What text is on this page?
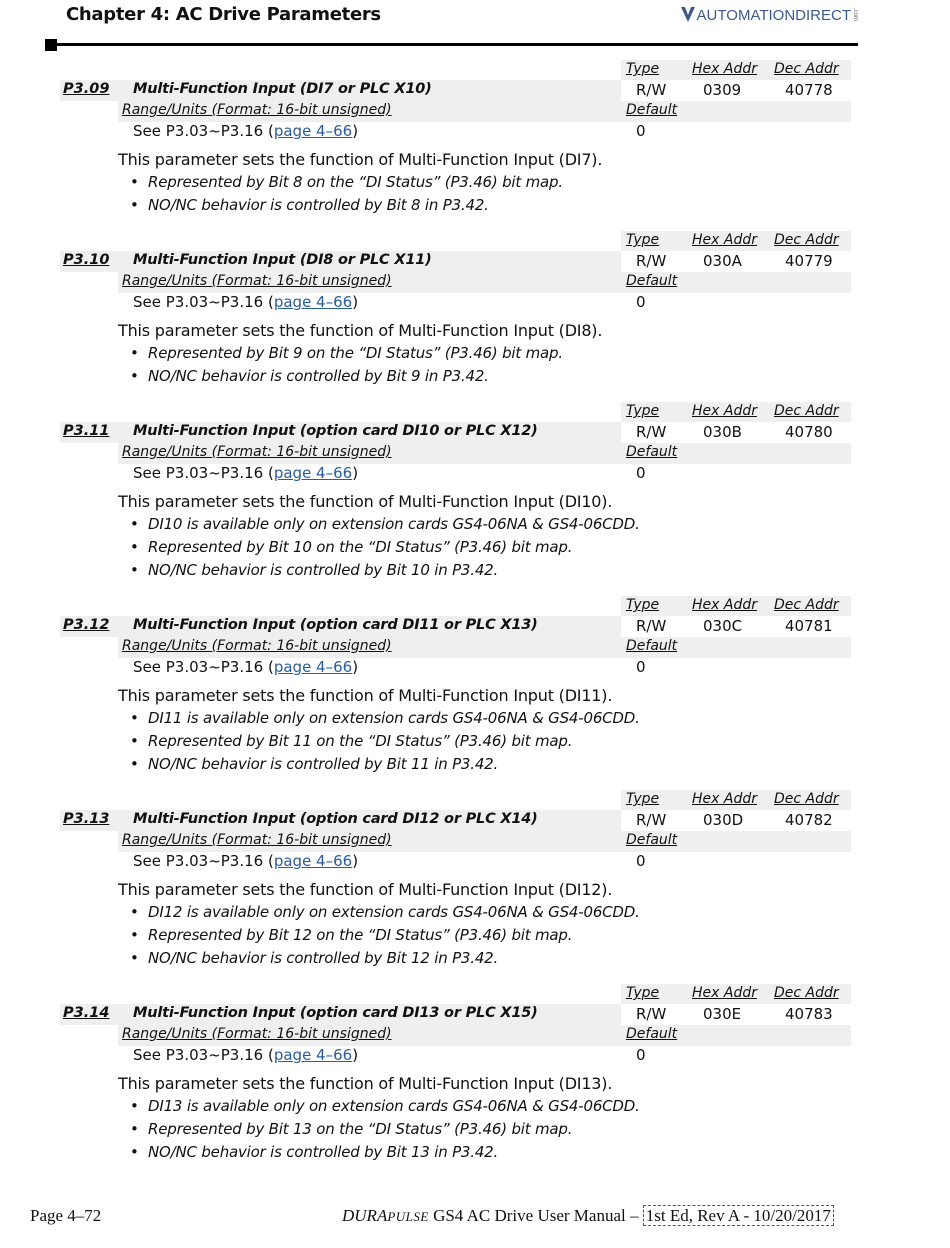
Chapter 4: AC Drive Parameters	AUTOMATIONDIRECT .com
Type Hex Addr Dec Addr
P3.09 Multi-Function Input (DI7 or PLC X10)	R/W 0309	40778
Range/Units (Format: 16-bit unsigned)	Default
See P3.03~P3.16 (page 4–66)	0
This parameter sets the function of Multi-Function Input (DI7).
• Represented by Bit 8 on the “DI Status” (P3.46) bit map.
• NO/NC behavior is controlled by Bit 8 in P3.42.
Type Hex Addr Dec Addr
P3.10 Multi-Function Input (DI8 or PLC X11)	R/W 030A	40779
Range/Units (Format: 16-bit unsigned)	Default
See P3.03~P3.16 (page 4–66)	0
This parameter sets the function of Multi-Function Input (DI8).
• Represented by Bit 9 on the “DI Status” (P3.46) bit map.
• NO/NC behavior is controlled by Bit 9 in P3.42.
Type Hex Addr Dec Addr
P3.11 Multi-Function Input (option card DI10 or PLC X12)	R/W 030B	40780
Range/Units (Format: 16-bit unsigned)	Default
See P3.03~P3.16 (page 4–66)	0
This parameter sets the function of Multi-Function Input (DI10).
• DI10 is available only on extension cards GS4-06NA & GS4-06CDD.
• Represented by Bit 10 on the “DI Status” (P3.46) bit map.
• NO/NC behavior is controlled by Bit 10 in P3.42.
Type Hex Addr Dec Addr
P3.12 Multi-Function Input (option card DI11 or PLC X13)	R/W 030C	40781
Range/Units (Format: 16-bit unsigned)	Default
See P3.03~P3.16 (page 4–66)	0
This parameter sets the function of Multi-Function Input (DI11).
• DI11 is available only on extension cards GS4-06NA & GS4-06CDD.
• Represented by Bit 11 on the “DI Status” (P3.46) bit map.
• NO/NC behavior is controlled by Bit 11 in P3.42.
Type Hex Addr Dec Addr
P3.13 Multi-Function Input (option card DI12 or PLC X14)	R/W 030D	40782
Range/Units (Format: 16-bit unsigned)	Default
See P3.03~P3.16 (page 4–66)	0
This parameter sets the function of Multi-Function Input (DI12).
• DI12 is available only on extension cards GS4-06NA & GS4-06CDD.
• Represented by Bit 12 on the “DI Status” (P3.46) bit map.
• NO/NC behavior is controlled by Bit 12 in P3.42.
Type Hex Addr Dec Addr
P3.14 Multi-Function Input (option card DI13 or PLC X15)	R/W 030E	40783
Range/Units (Format: 16-bit unsigned)	Default
See P3.03~P3.16 (page 4–66)	0
This parameter sets the function of Multi-Function Input (DI13).
• DI13 is available only on extension cards GS4-06NA & GS4-06CDD.
• Represented by Bit 13 on the “DI Status” (P3.46) bit map.
• NO/NC behavior is controlled by Bit 13 in P3.42.
Page 4–72	DURAPULSE GS4 AC Drive User Manual – 1st Ed, Rev A - 10/20/2017
